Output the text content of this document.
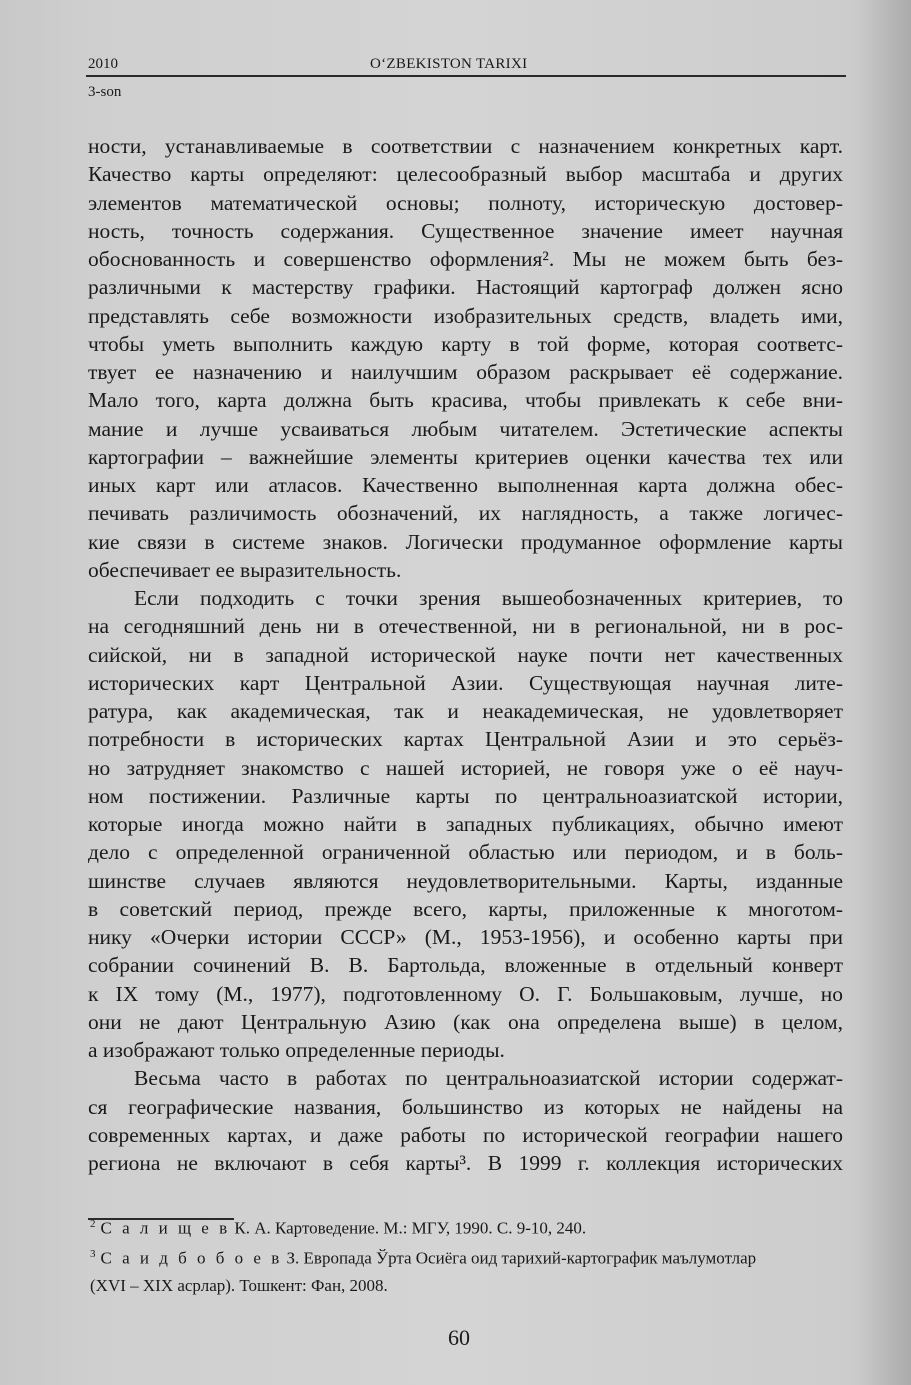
2010	O‘ZBEKISTON TARIXI
3-son
ности, устанавливаемые в соответствии с назначением конкретных карт.
Качество карты определяют: целесообразный выбор масштаба и других
элементов математической основы; полноту, историческую достовер-
ность, точность содержания. Существенное значение имеет научная
обоснованность и совершенство оформления². Мы не можем быть без-
различными к мастерству графики. Настоящий картограф должен ясно
представлять себе возможности изобразительных средств, владеть ими,
чтобы уметь выполнить каждую карту в той форме, которая соответс-
твует ее назначению и наилучшим образом раскрывает её содержание.
Мало того, карта должна быть красива, чтобы привлекать к себе вни-
мание и лучше усваиваться любым читателем. Эстетические аспекты
картографии – важнейшие элементы критериев оценки качества тех или
иных карт или атласов. Качественно выполненная карта должна обес-
печивать различимость обозначений, их наглядность, а также логичес-
кие связи в системе знаков. Логически продуманное оформление карты
обеспечивает ее выразительность.
Если подходить с точки зрения вышеобозначенных критериев, то
на сегодняшний день ни в отечественной, ни в региональной, ни в рос-
сийской, ни в западной исторической науке почти нет качественных
исторических карт Центральной Азии. Существующая научная лите-
ратура, как академическая, так и неакадемическая, не удовлетворяет
потребности в исторических картах Центральной Азии и это серьёз-
но затрудняет знакомство с нашей историей, не говоря уже о её науч-
ном постижении. Различные карты по центральноазиатской истории,
которые иногда можно найти в западных публикациях, обычно имеют
дело с определенной ограниченной областью или периодом, и в боль-
шинстве случаев являются неудовлетворительными. Карты, изданные
в советский период, прежде всего, карты, приложенные к многотом-
нику «Очерки истории СССР» (М., 1953-1956), и особенно карты при
собрании сочинений В. В. Бартольда, вложенные в отдельный конверт
к IX тому (М., 1977), подготовленному О. Г. Большаковым, лучше, но
они не дают Центральную Азию (как она определена выше) в целом,
а изображают только определенные периоды.
Весьма часто в работах по центральноазиатской истории содержат-
ся географические названия, большинство из которых не найдены на
современных картах, и даже работы по исторической географии нашего
региона не включают в себя карты³. В 1999 г. коллекция исторических
$^2$ С а л и щ е в К. А. Картоведение. М.: МГУ, 1990. С. 9-10, 240.
$^3$ С а и д б о б о е в З. Европада Ўрта Осиёга оид тарихий-картографик маълумотлар
(XVI – XIX асрлар). Тошкент: Фан, 2008.
60
